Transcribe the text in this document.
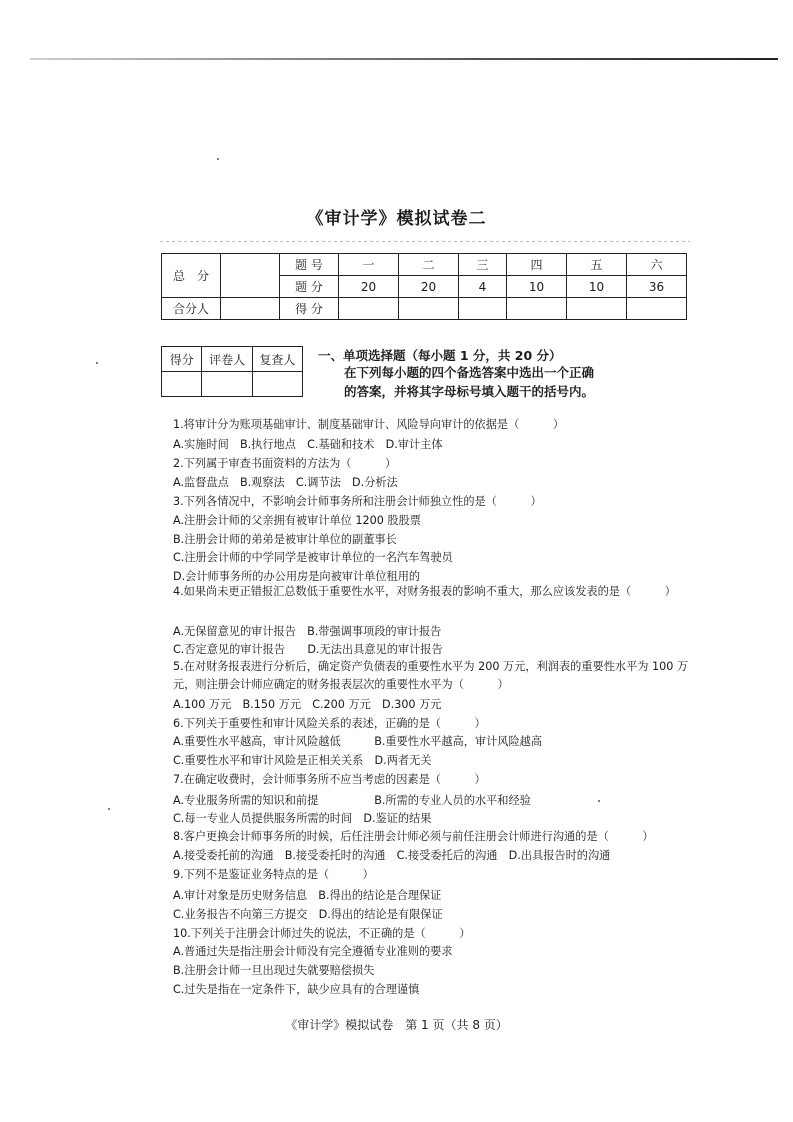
《审计学》模拟试卷二
总　分		题 号	一	二	三	四	五	六
		题 分	20	20	4	10	10	36
合分人		得 分						
得分	评卷人	复查人
		一、单项选择题（每小题 1 分，共 20 分）
在下列每小题的四个备选答案中选出一个正确的答案，并将其字母标号填入题干的括号内。
1.将审计分为账项基础审计、制度基础审计、风险导向审计的依据是（　　　）
A.实施时间　B.执行地点　C.基础和技术　D.审计主体
2.下列属于审查书面资料的方法为（　　　）
A.监督盘点　B.观察法　C.调节法　D.分析法
3.下列各情况中，不影响会计师事务所和注册会计师独立性的是（　　　）
A.注册会计师的父亲拥有被审计单位 1200 股股票
B.注册会计师的弟弟是被审计单位的副董事长
C.注册会计师的中学同学是被审计单位的一名汽车驾驶员
D.会计师事务所的办公用房是向被审计单位租用的
4.如果尚未更正错报汇总数低于重要性水平，对财务报表的影响不重大，那么应该发表的是（　　　）
A.无保留意见的审计报告　B.带强调事项段的审计报告
C.否定意见的审计报告　　D.无法出具意见的审计报告
5.在对财务报表进行分析后，确定资产负债表的重要性水平为 200 万元，利润表的重要性水平为 100 万元，则注册会计师应确定的财务报表层次的重要性水平为（　　　）
A.100 万元　B.150 万元　C.200 万元　D.300 万元
6.下列关于重要性和审计风险关系的表述，正确的是（　　　）
A.重要性水平越高，审计风险越低　　　B.重要性水平越高，审计风险越高
C.重要性水平和审计风险是正相关关系　D.两者无关
7.在确定收费时，会计师事务所不应当考虑的因素是（　　　）
A.专业服务所需的知识和前提　　　　　B.所需的专业人员的水平和经验
C.每一专业人员提供服务所需的时间　D.鉴证的结果
8.客户更换会计师事务所的时候，后任注册会计师必须与前任注册会计师进行沟通的是（　　　）
A.接受委托前的沟通　B.接受委托时的沟通　C.接受委托后的沟通　D.出具报告时的沟通
9.下列不是鉴证业务特点的是（　　　）
A.审计对象是历史财务信息　B.得出的结论是合理保证
C.业务报告不向第三方提交　D.得出的结论是有限保证
10.下列关于注册会计师过失的说法，不正确的是（　　　）
A.普通过失是指注册会计师没有完全遵循专业准则的要求
B.注册会计师一旦出现过失就要赔偿损失
C.过失是指在一定条件下，缺少应具有的合理谨慎
《审计学》模拟试卷　第 1 页（共 8 页）
